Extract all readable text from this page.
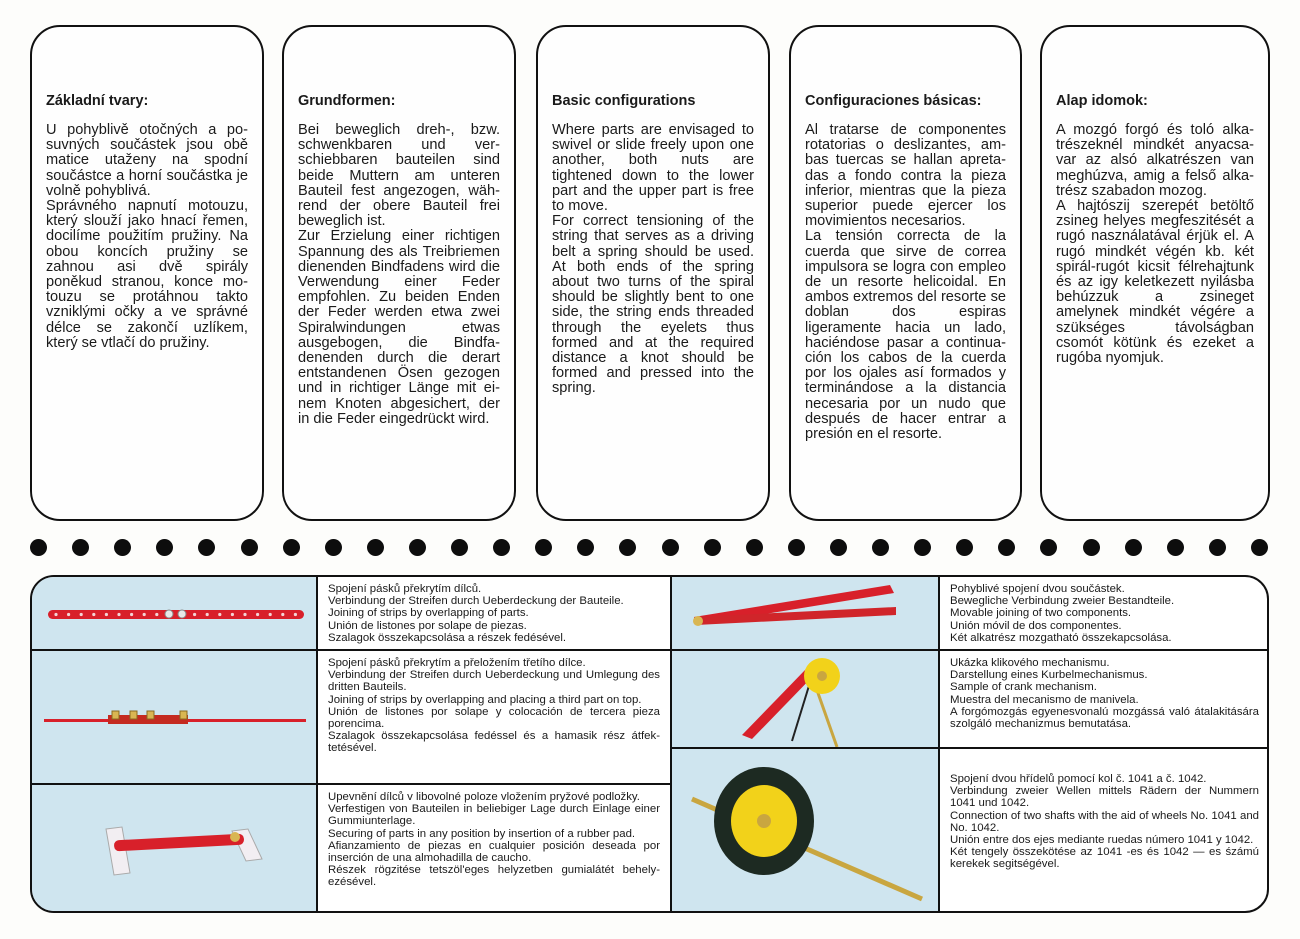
Základní tvary:

U pohyblivě otočných a posuvných součástek jsou obě matice utaženy na spodní součástce a horní součástka je volně pohyblivá.

Správného napnutí motouzu, který slouží jako hnací řemen, docilíme použitím pružiny. Na obou koncích pružiny se zahnou asi dvě spirály poněkud stranou, konce motouzu se protáhnou takto vzniklými očky a ve správné délce se zakončí uzlíkem, který se vtlačí do pružiny.

Grundformen:

Bei beweglich dreh-, bzw. schwenkbaren und verschiebbaren bauteilen sind beide Muttern am unteren Bauteil fest angezogen, während der obere Bauteil frei beweglich ist.

Zur Erzielung einer richtigen Spannung des als Treibriemen dienenden Bindfadens wird die Verwendung einer Feder empfohlen. Zu beiden Enden der Feder werden etwa zwei Spiralwindungen etwas ausgebogen, die Bindfadenenden durch die derart entstandenen Ösen gezogen und in richtiger Länge mit einem Knoten abgesichert, der in die Feder eingedrückt wird.

Basic configurations

Where parts are envisaged to swivel or slide freely upon one another, both nuts are tightened down to the lower part and the upper part is free to move.

For correct tensioning of the string that serves as a driving belt a spring should be used. At both ends of the spring about two turns of the spiral should be slightly bent to one side, the string ends threaded through the eyelets thus formed and at the required distance a knot should be formed and pressed into the spring.

Configuraciones básicas:

Al tratarse de componentes rotatorias o deslizantes, ambas tuercas se hallan apretadas a fondo contra la pieza inferior, mientras que la pieza superior puede ejercer los movimientos necesarios.

La tensión correcta de la cuerda que sirve de correa impulsora se logra con empleo de un resorte helicoidal. En ambos extremos del resorte se doblan dos espiras ligeramente hacia un lado, haciéndose pasar a continuación los cabos de la cuerda por los ojales así formados y terminándose a la distancia necesaria por un nudo que después de hacer entrar a presión en el resorte.

Alap idomok:

A mozgó forgó és toló alkatrészeknél mindkét anyacsavar az alsó alkatrészen van meghúzva, amig a felső alkatrész szabadon mozog.

A hajtószij szerepét betöltő zsineg helyes megfeszitését a rugó nasználatával érjük el. A rugó mindkét végén kb. két spirál-rugót kicsit félrehajtunk és az igy keletkezett nyilásba behúzzuk a zsineget amelynek mindkét végére a szükséges távolságban csomót kötünk és ezeket a rugóba nyomjuk.

Spojení pásků překrytím dílců.

Verbindung der Streifen durch Ueberdeckung der Bauteile.

Joining of strips by overlapping of parts.

Unión de listones por solape de piezas.

Szalagok összekapcsolása a részek fedésével.

Spojení pásků překrytím a přeložením třetího dílce.

Verbindung der Streifen durch Ueberdeckung und Umlegung des dritten Bauteils.

Joining of strips by overlapping and placing a third part on top.

Unión de listones por solape y colocación de tercera pieza porencima.

Szalagok összekapcsolása fedéssel és a hamasik rész átfektetésével.

Upevnění dílců v libovolné poloze vložením pryžové podložky.

Verfestigen von Bauteilen in beliebiger Lage durch Einlage einer Gummiunterlage.

Securing of parts in any position by insertion of a rubber pad.

Afianzamiento de piezas en cualquier posición deseada por inserción de una almohadilla de caucho.

Részek rögzitése tetszöl'eges helyzetben gumialátét behelyezésével.

Pohyblivé spojení dvou součástek.

Bewegliche Verbindung zweier Bestandteile.

Movable joining of two components.

Unión móvil de dos componentes.

Két alkatrész mozgatható összekapcsolása.

Ukázka klikového mechanismu.

Darstellung eines Kurbelmechanismus.

Sample of crank mechanism.

Muestra del mecanismo de manivela.

A forgómozgás egyenesvonalú mozgássá való átalakitására szolgáló mechanizmus bemutatása.

Spojení dvou hřídelů pomocí kol č. 1041 a č. 1042.

Verbindung zweier Wellen mittels Rädern der Nummern 1041 und 1042.

Connection of two shafts with the aid of wheels No. 1041 and No. 1042.

Unión entre dos ejes mediante ruedas número 1041 y 1042.

Két tengely összekötése az 1041 -es és 1042 — es śzámú kerekek segitségével.
